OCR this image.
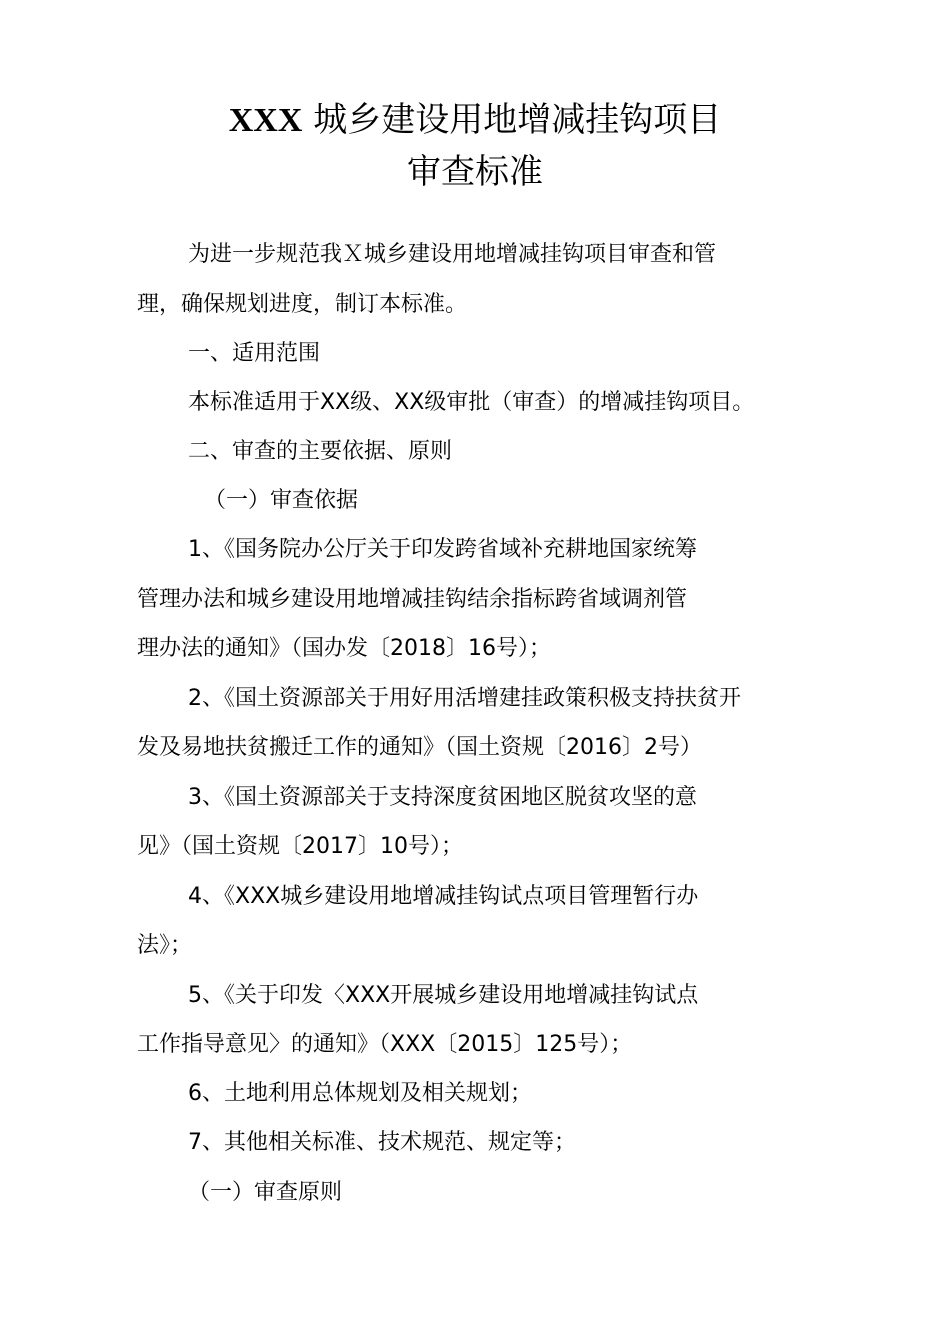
XXX 城乡建设用地增减挂钩项目
审查标准
为进一步规范我Ｘ城乡建设用地增减挂钩项目审查和管
理，确保规划进度，制订本标准。
一、适用范围
本标准适用于XX级、XX级审批（审查）的增减挂钩项目。
二、审查的主要依据、原则
（一）审查依据
1、《国务院办公厅关于印发跨省域补充耕地国家统筹
管理办法和城乡建设用地增减挂钩结余指标跨省域调剂管
理办法的通知》（国办发〔2018〕16号）；
2、《国土资源部关于用好用活增建挂政策积极支持扶贫开
发及易地扶贫搬迁工作的通知》（国土资规〔2016〕2号）
3、《国土资源部关于支持深度贫困地区脱贫攻坚的意
见》（国土资规〔2017〕10号）；
4、《XXX城乡建设用地增减挂钩试点项目管理暂行办
法》；
5、《关于印发〈XXX开展城乡建设用地增减挂钩试点
工作指导意见〉的通知》（XXX〔2015〕125号）；
6、土地利用总体规划及相关规划；
7、其他相关标准、技术规范、规定等；
（一）审查原则
